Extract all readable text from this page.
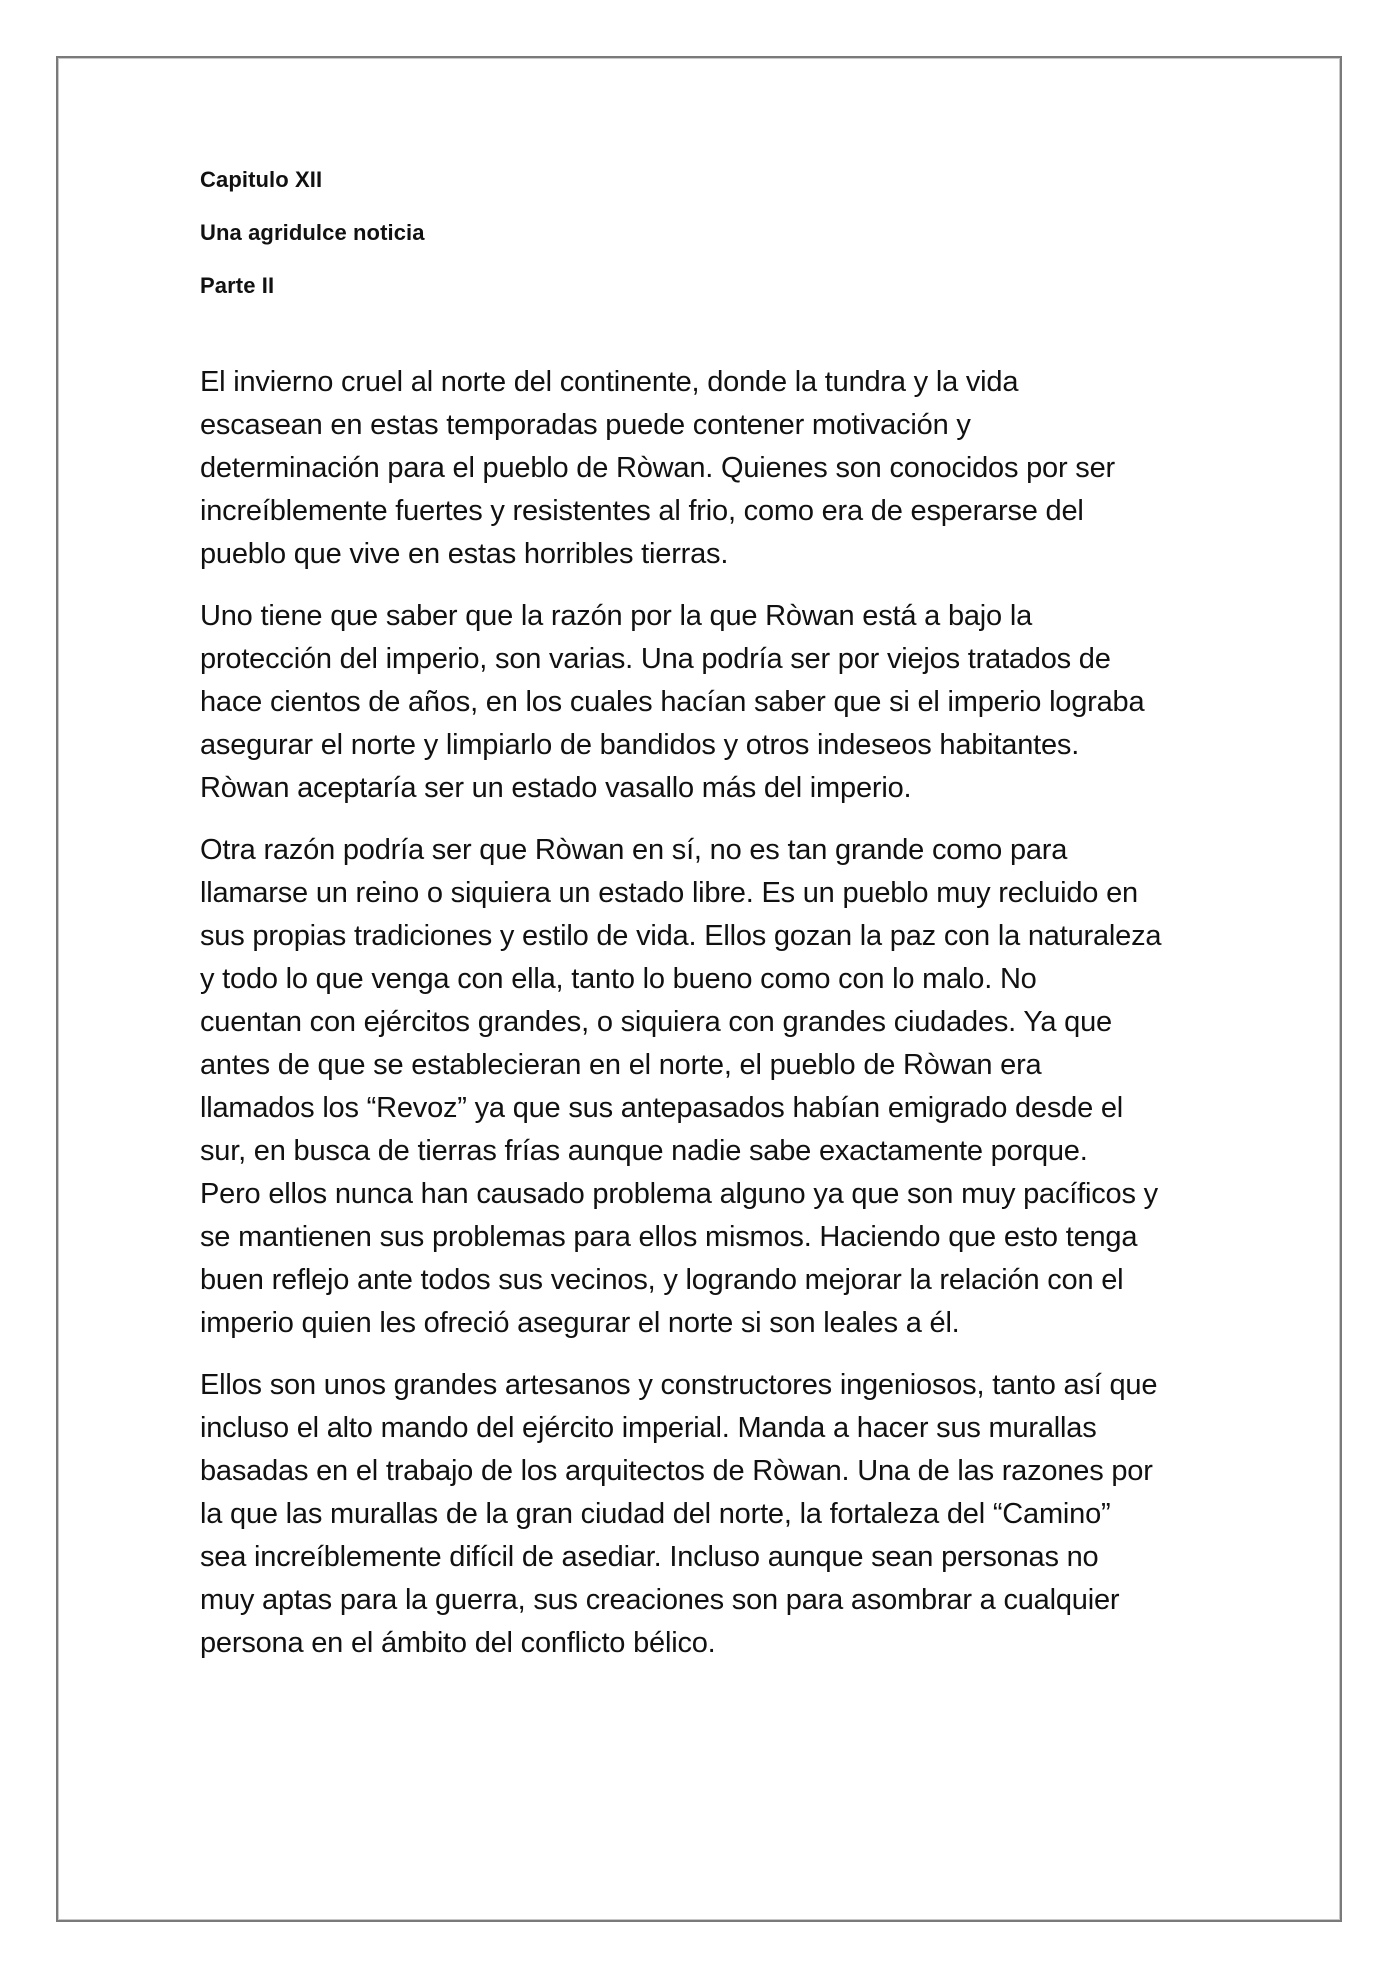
Capitulo XII
Una agridulce noticia
Parte II

El invierno cruel al norte del continente, donde la tundra y la vida
escasean en estas temporadas puede contener motivación y
determinación para el pueblo de Ròwan. Quienes son conocidos por ser
increíblemente fuertes y resistentes al frio, como era de esperarse del
pueblo que vive en estas horribles tierras.

Uno tiene que saber que la razón por la que Ròwan está a bajo la
protección del imperio, son varias. Una podría ser por viejos tratados de
hace cientos de años, en los cuales hacían saber que si el imperio lograba
asegurar el norte y limpiarlo de bandidos y otros indeseos habitantes.
Ròwan aceptaría ser un estado vasallo más del imperio.

Otra razón podría ser que Ròwan en sí, no es tan grande como para
llamarse un reino o siquiera un estado libre. Es un pueblo muy recluido en
sus propias tradiciones y estilo de vida. Ellos gozan la paz con la naturaleza
y todo lo que venga con ella, tanto lo bueno como con lo malo. No
cuentan con ejércitos grandes, o siquiera con grandes ciudades. Ya que
antes de que se establecieran en el norte, el pueblo de Ròwan era
llamados los “Revoz” ya que sus antepasados habían emigrado desde el
sur, en busca de tierras frías aunque nadie sabe exactamente porque.
Pero ellos nunca han causado problema alguno ya que son muy pacíficos y
se mantienen sus problemas para ellos mismos. Haciendo que esto tenga
buen reflejo ante todos sus vecinos, y logrando mejorar la relación con el
imperio quien les ofreció asegurar el norte si son leales a él.

Ellos son unos grandes artesanos y constructores ingeniosos, tanto así que
incluso el alto mando del ejército imperial. Manda a hacer sus murallas
basadas en el trabajo de los arquitectos de Ròwan. Una de las razones por
la que las murallas de la gran ciudad del norte, la fortaleza del “Camino”
sea increíblemente difícil de asediar. Incluso aunque sean personas no
muy aptas para la guerra, sus creaciones son para asombrar a cualquier
persona en el ámbito del conflicto bélico.
